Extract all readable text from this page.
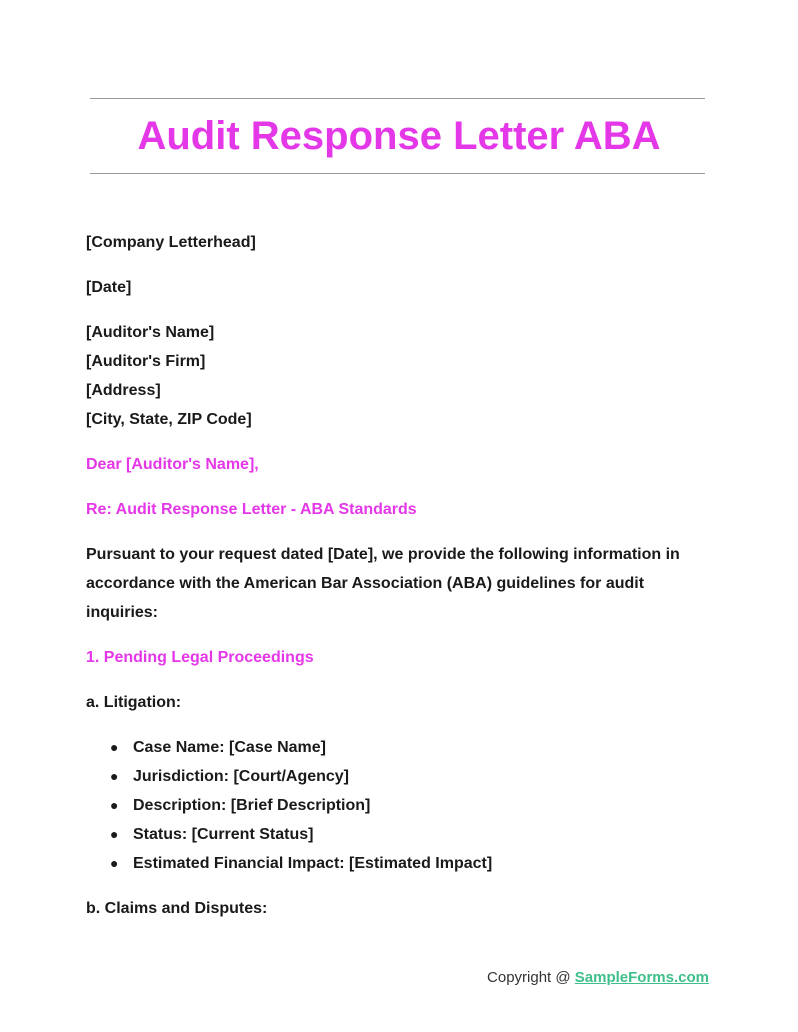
Audit Response Letter ABA

[Company Letterhead]

[Date]

[Auditor's Name]

[Auditor's Firm]

[Address]

[City, State, ZIP Code]

Dear [Auditor's Name],

Re: Audit Response Letter - ABA Standards

Pursuant to your request dated [Date], we provide the following information in accordance with the American Bar Association (ABA) guidelines for audit inquiries:

1. Pending Legal Proceedings

a. Litigation:

● Case Name: [Case Name]
● Jurisdiction: [Court/Agency]
● Description: [Brief Description]
● Status: [Current Status]
● Estimated Financial Impact: [Estimated Impact]

b. Claims and Disputes:

Copyright @ SampleForms.com
